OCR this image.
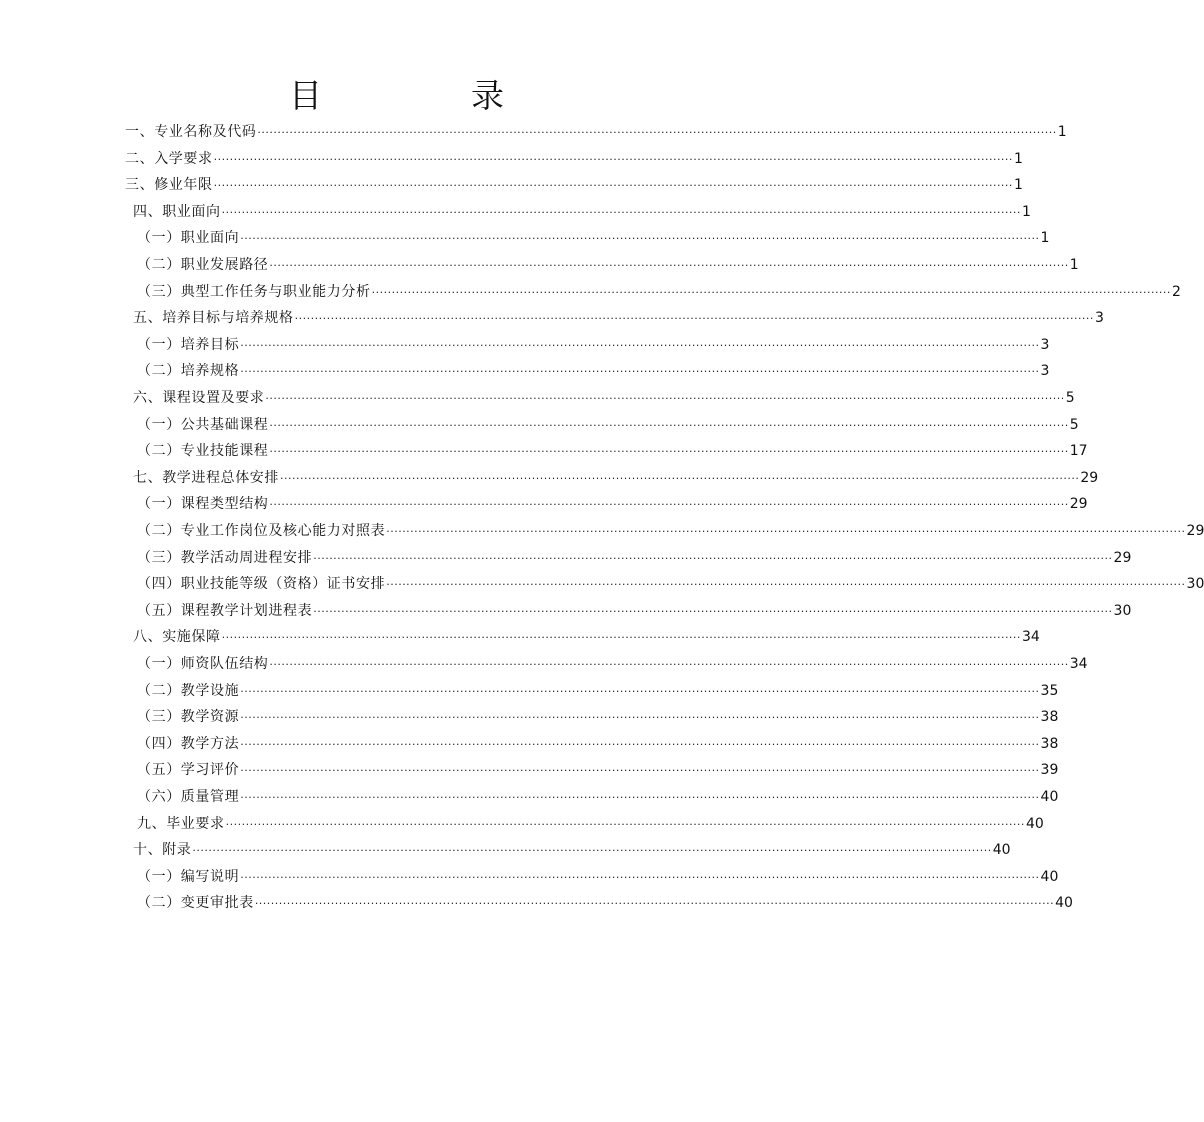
目　录
一、专业名称及代码 ········································································································································································································ 1
二、入学要求 ········································································································································································································ 1
三、修业年限 ········································································································································································································ 1
四、职业面向 ········································································································································································································ 1
（一）职业面向 ········································································································································································································ 1
（二）职业发展路径 ········································································································································································································ 1
（三）典型工作任务与职业能力分析 ········································································································································································································ 2
五、培养目标与培养规格 ········································································································································································································ 3
（一）培养目标 ········································································································································································································ 3
（二）培养规格 ········································································································································································································ 3
六、课程设置及要求 ········································································································································································································ 5
（一）公共基础课程 ········································································································································································································ 5
（二）专业技能课程 ········································································································································································································ 17
七、教学进程总体安排 ········································································································································································································ 29
（一）课程类型结构 ········································································································································································································ 29
（二）专业工作岗位及核心能力对照表 ········································································································································································································ 29
（三）教学活动周进程安排 ········································································································································································································ 29
（四）职业技能等级（资格）证书安排 ········································································································································································································ 30
（五）课程教学计划进程表 ········································································································································································································ 30
八、实施保障 ········································································································································································································ 34
（一）师资队伍结构 ········································································································································································································ 34
（二）教学设施 ········································································································································································································ 35
（三）教学资源 ········································································································································································································ 38
（四）教学方法 ········································································································································································································ 38
（五）学习评价 ········································································································································································································ 39
（六）质量管理 ········································································································································································································ 40
九、毕业要求 ········································································································································································································ 40
十、附录 ········································································································································································································ 40
（一）编写说明 ········································································································································································································ 40
（二）变更审批表 ········································································································································································································ 40
